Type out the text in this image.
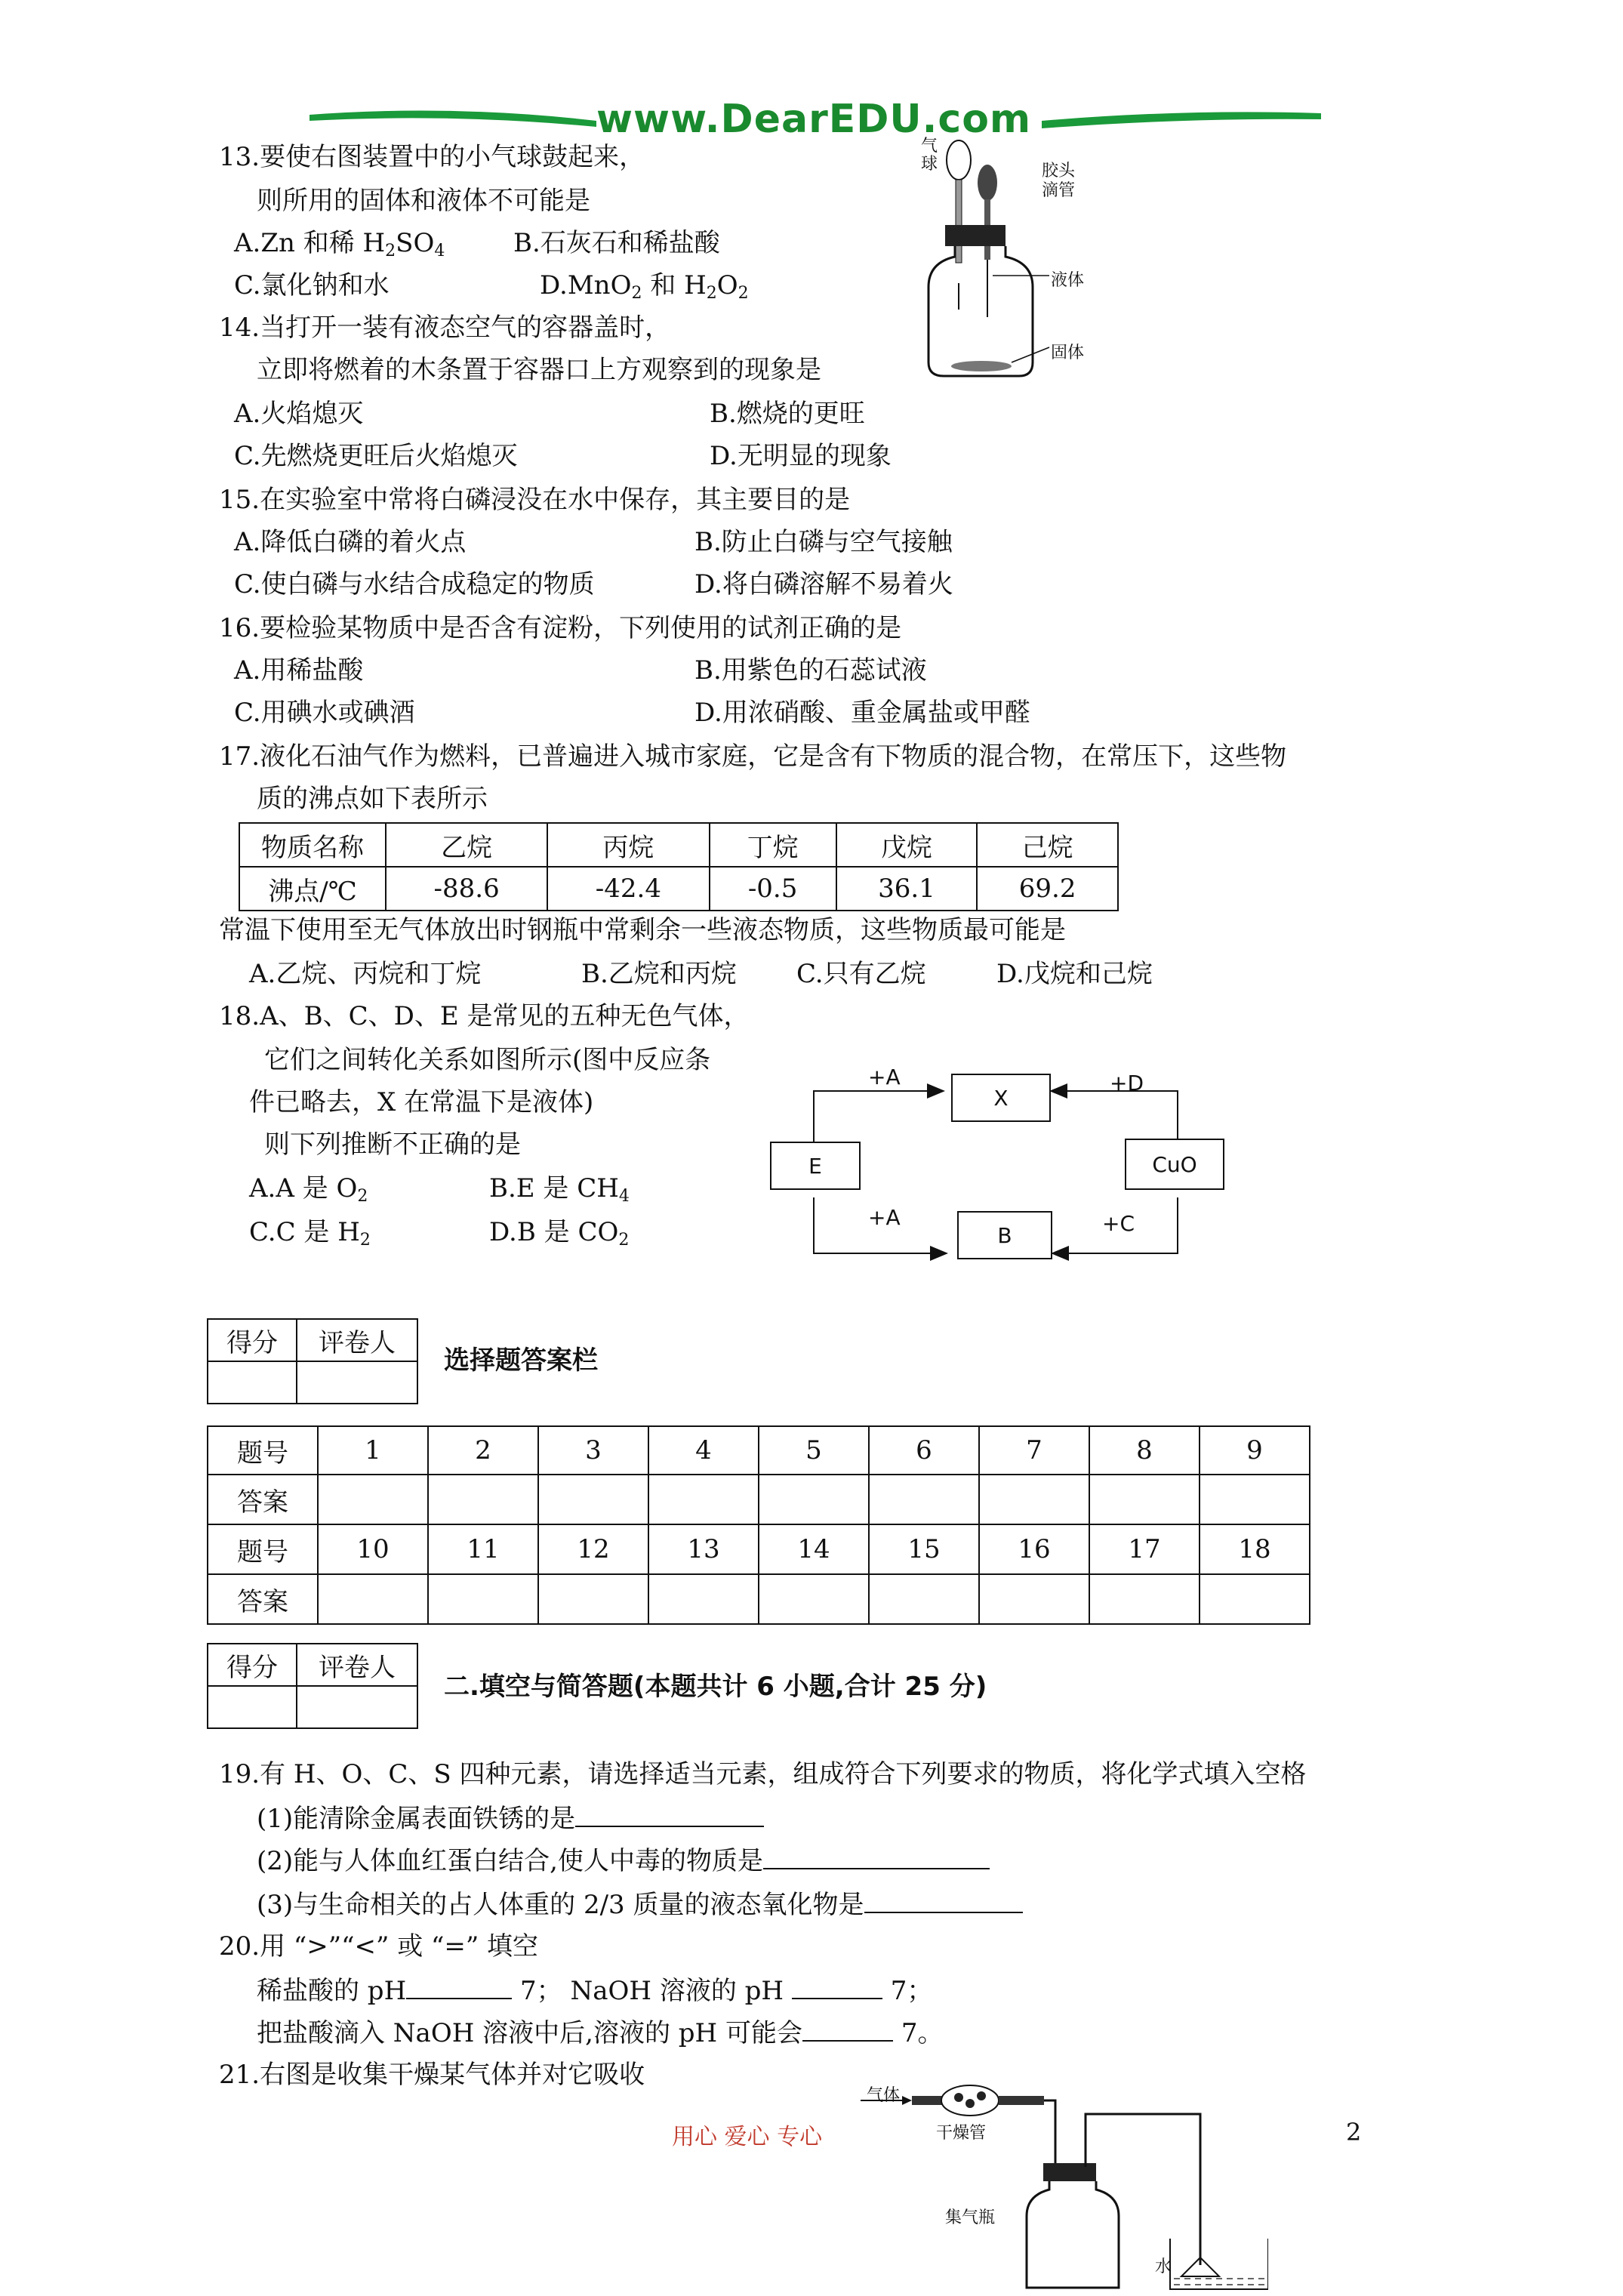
www.DearEDU.com
13.要使右图装置中的小气球鼓起来，
则所用的固体和液体不可能是
A.Zn 和稀 $H_2SO_4$	B.石灰石和稀盐酸
C.氯化钠和水	D.MnO$_2$ 和 $H_2O_2$
气球	胶头滴管
液体
固体
14.当打开一装有液态空气的容器盖时，
立即将燃着的木条置于容器口上方观察到的现象是
A.火焰熄灭	B.燃烧的更旺
C.先燃烧更旺后火焰熄灭	D.无明显的现象
15.在实验室中常将白磷浸没在水中保存，其主要目的是
A.降低白磷的着火点	B.防止白磷与空气接触
C.使白磷与水结合成稳定的物质	D.将白磷溶解不易着火
16.要检验某物质中是否含有淀粉，下列使用的试剂正确的是
A.用稀盐酸	B.用紫色的石蕊试液
C.用碘水或碘酒	D.用浓硝酸、重金属盐或甲醛
17.液化石油气作为燃料，已普遍进入城市家庭，它是含有下物质的混合物，在常压下，这些物
质的沸点如下表所示
物质名称	乙烷	丙烷	丁烷	戊烷	己烷
沸点/℃	-88.6	-42.4	-0.5	36.1	69.2
常温下使用至无气体放出时钢瓶中常剩余一些液态物质，这些物质最可能是
A.乙烷、丙烷和丁烷	B.乙烷和丙烷 C.只有乙烷	D.戊烷和己烷
18.A、B、C、D、E 是常见的五种无色气体，
它们之间转化关系如图所示(图中反应条
件已略去，X 在常温下是液体)
则下列推断不正确的是
A.A 是 $O_2$	B.E 是 $CH_4$
C.C 是 $H_2$	D.B 是 $CO_2$
X
E	CuO
B
+A	+D
+A	+C
得分	评卷人

选择题答案栏
题号	1	2	3	4	5	6	7	8	9
答案									
题号	10	11	12	13	14	15	16	17	18
答案									
得分	评卷人

二.填空与简答题(本题共计 6 小题,合计 25 分)
19.有 H、O、C、S 四种元素，请选择适当元素，组成符合下列要求的物质，将化学式填入空格
(1)能清除金属表面铁锈的是
(2)能与人体血红蛋白结合,使人中毒的物质是
(3)与生命相关的占人体重的 2/3 质量的液态氧化物是
20.用 “>”“<” 或 “=” 填空
稀盐酸的 pH	7； NaOH 溶液的 pH	7；
把盐酸滴入 NaOH 溶液中后,溶液的 pH 可能会	7。
21.右图是收集干燥某气体并对它吸收
气体
干燥管
集气瓶
水
用心 爱心 专心	2
